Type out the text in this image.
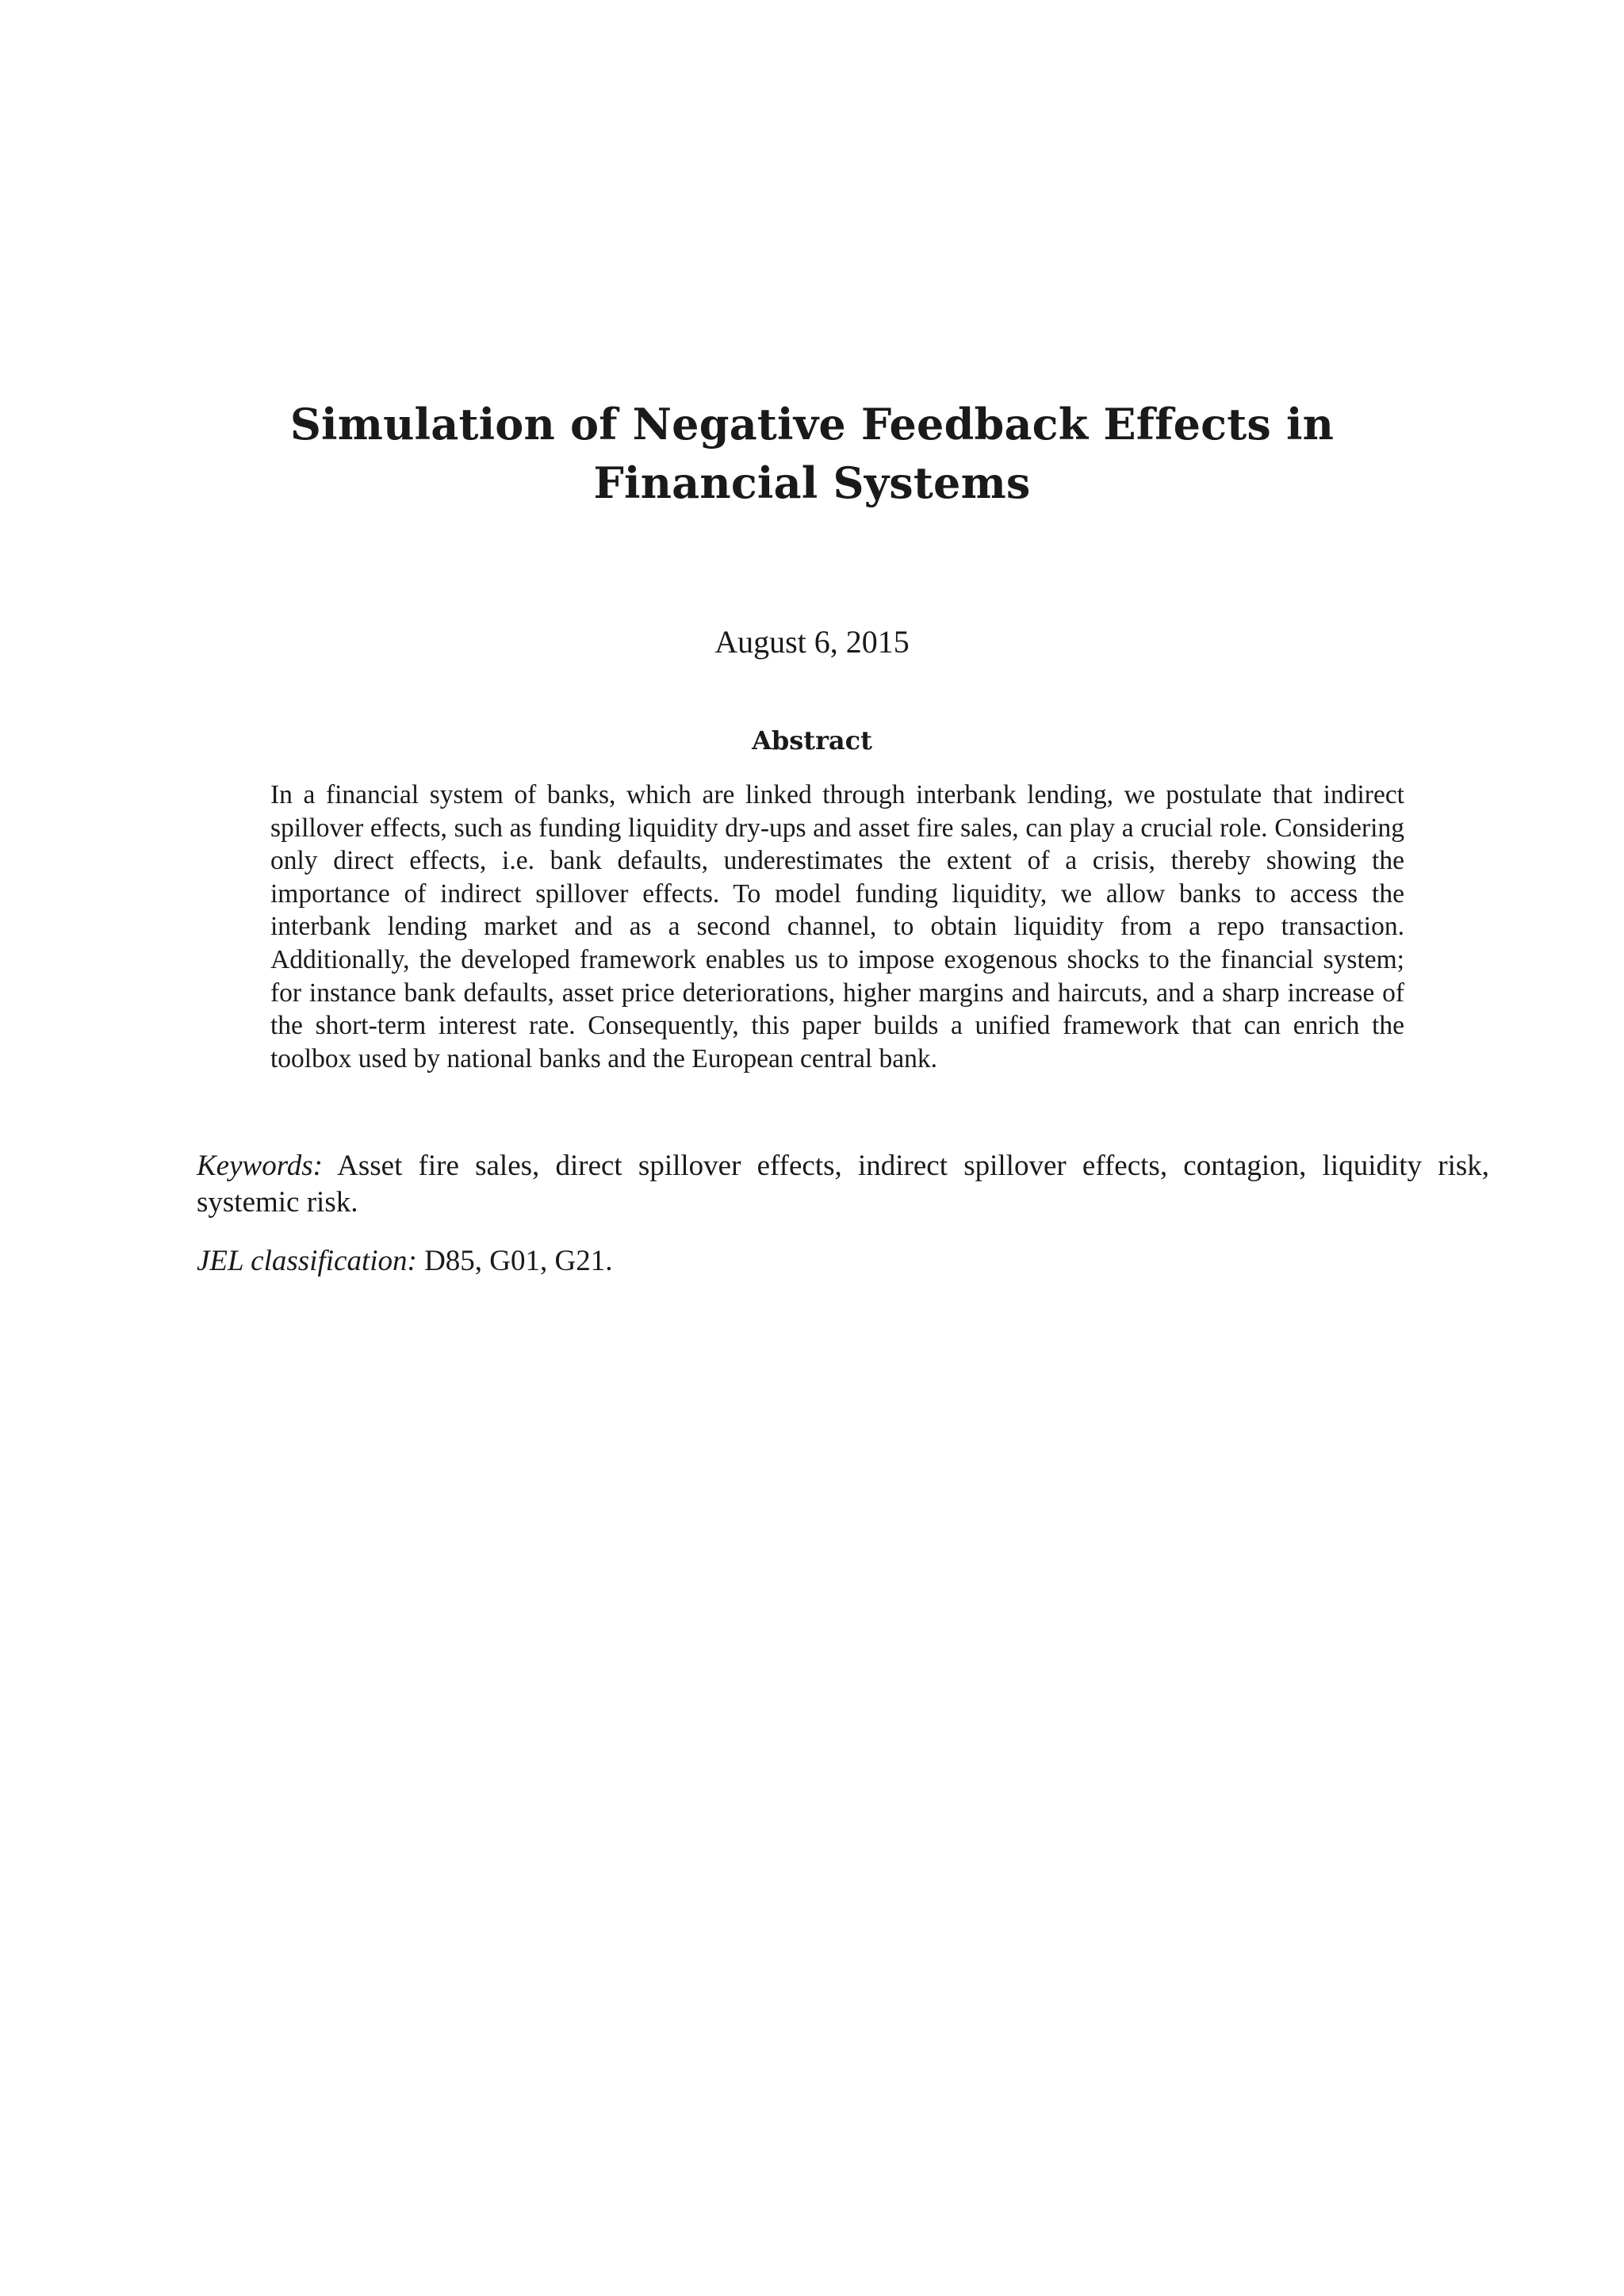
Simulation of Negative Feedback Effects in Financial Systems
August 6, 2015
Abstract

In a financial system of banks, which are linked through interbank lending, we postulate that indirect spillover effects, such as funding liquidity dry-ups and asset fire sales, can play a crucial role. Considering only direct effects, i.e. bank defaults, underestimates the extent of a crisis, thereby showing the importance of indirect spillover effects. To model funding liquidity, we allow banks to access the interbank lending market and as a second channel, to obtain liquidity from a repo transaction. Additionally, the developed framework enables us to impose exogenous shocks to the financial system; for instance bank defaults, asset price deteriorations, higher margins and haircuts, and a sharp increase of the short-term interest rate. Consequently, this paper builds a unified framework that can enrich the toolbox used by national banks and the European central bank.

Keywords: Asset fire sales, direct spillover effects, indirect spillover effects, contagion, liquidity risk, systemic risk.

JEL classification: D85, G01, G21.
